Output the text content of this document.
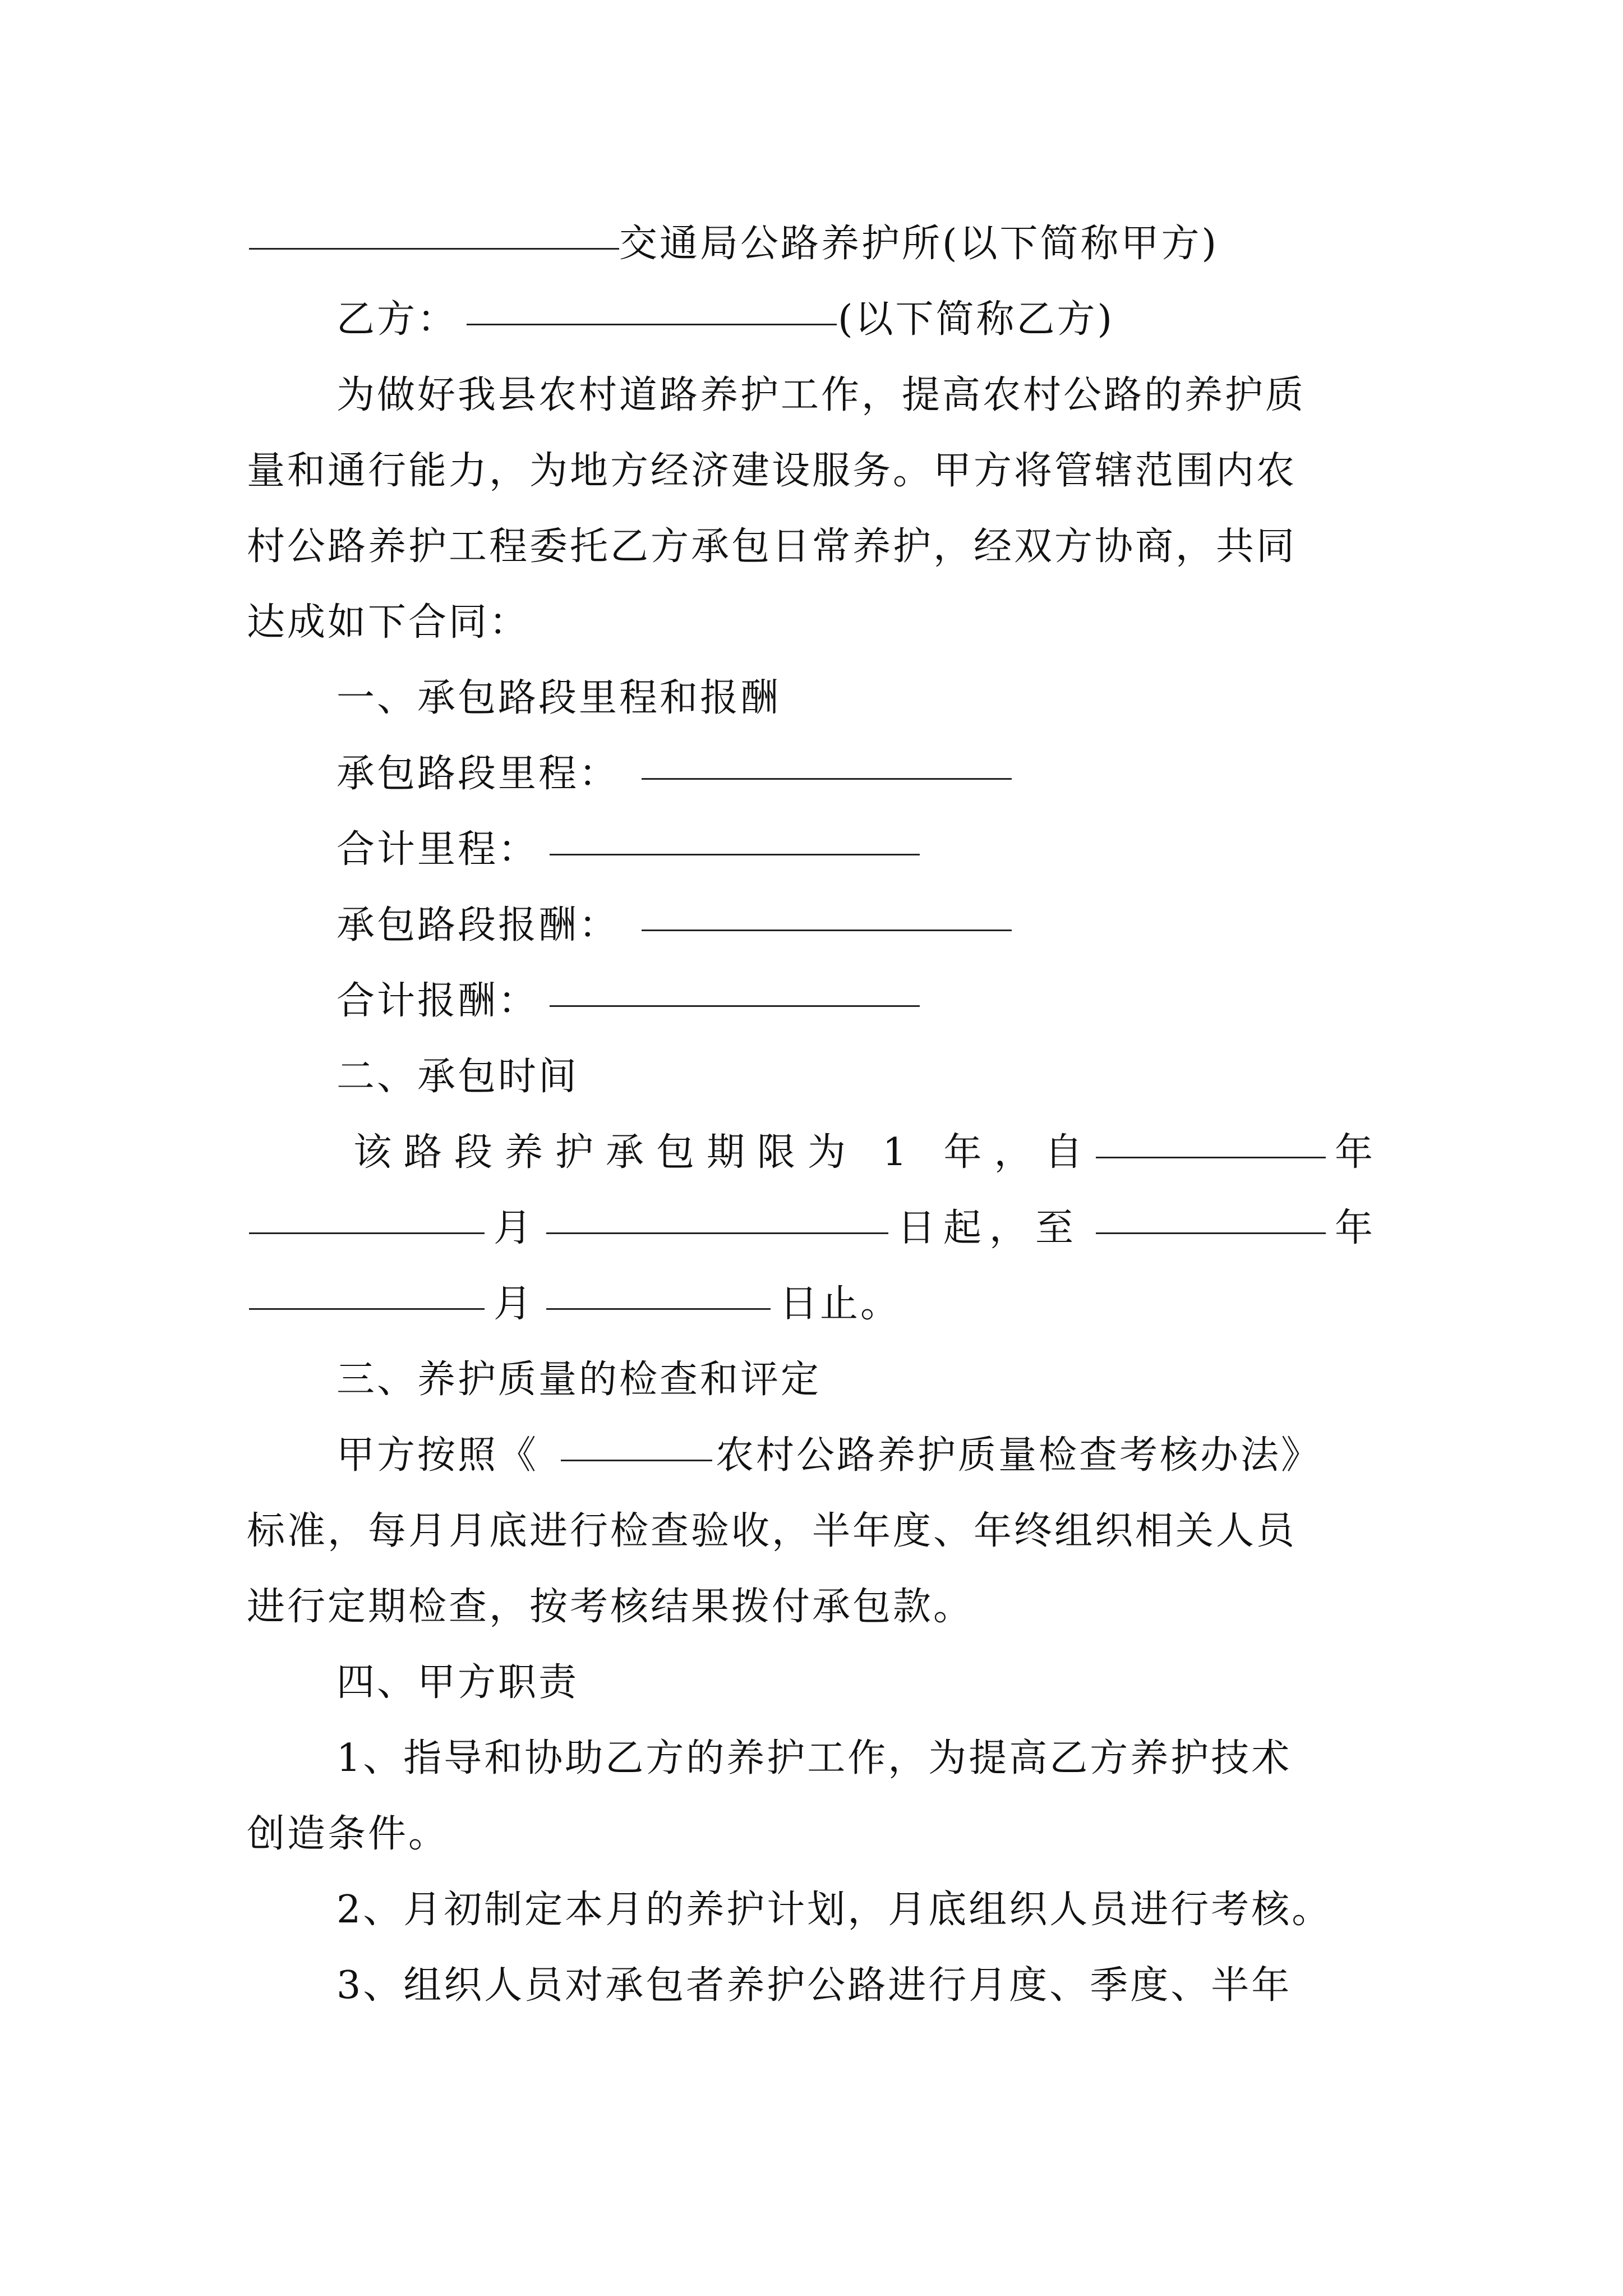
交通局公路养护所(以下简称甲方)
乙方：	(以下简称乙方)
为做好我县农村道路养护工作，提高农村公路的养护质
量和通行能力，为地方经济建设服务。甲方将管辖范围内农
村公路养护工程委托乙方承包日常养护，经双方协商，共同
达成如下合同：
一、承包路段里程和报酬
承包路段里程：
合计里程：
承包路段报酬：
合计报酬：
二、承包时间
该路段养护承包期限为 1 年，自	年
月	日起，至	年
月	日止。
三、养护质量的检查和评定
甲方按照《	农村公路养护质量检查考核办法》
标准，每月月底进行检查验收，半年度、年终组织相关人员
进行定期检查，按考核结果拨付承包款。
四、甲方职责
1、指导和协助乙方的养护工作，为提高乙方养护技术
创造条件。
2、月初制定本月的养护计划，月底组织人员进行考核。
3、组织人员对承包者养护公路进行月度、季度、半年
